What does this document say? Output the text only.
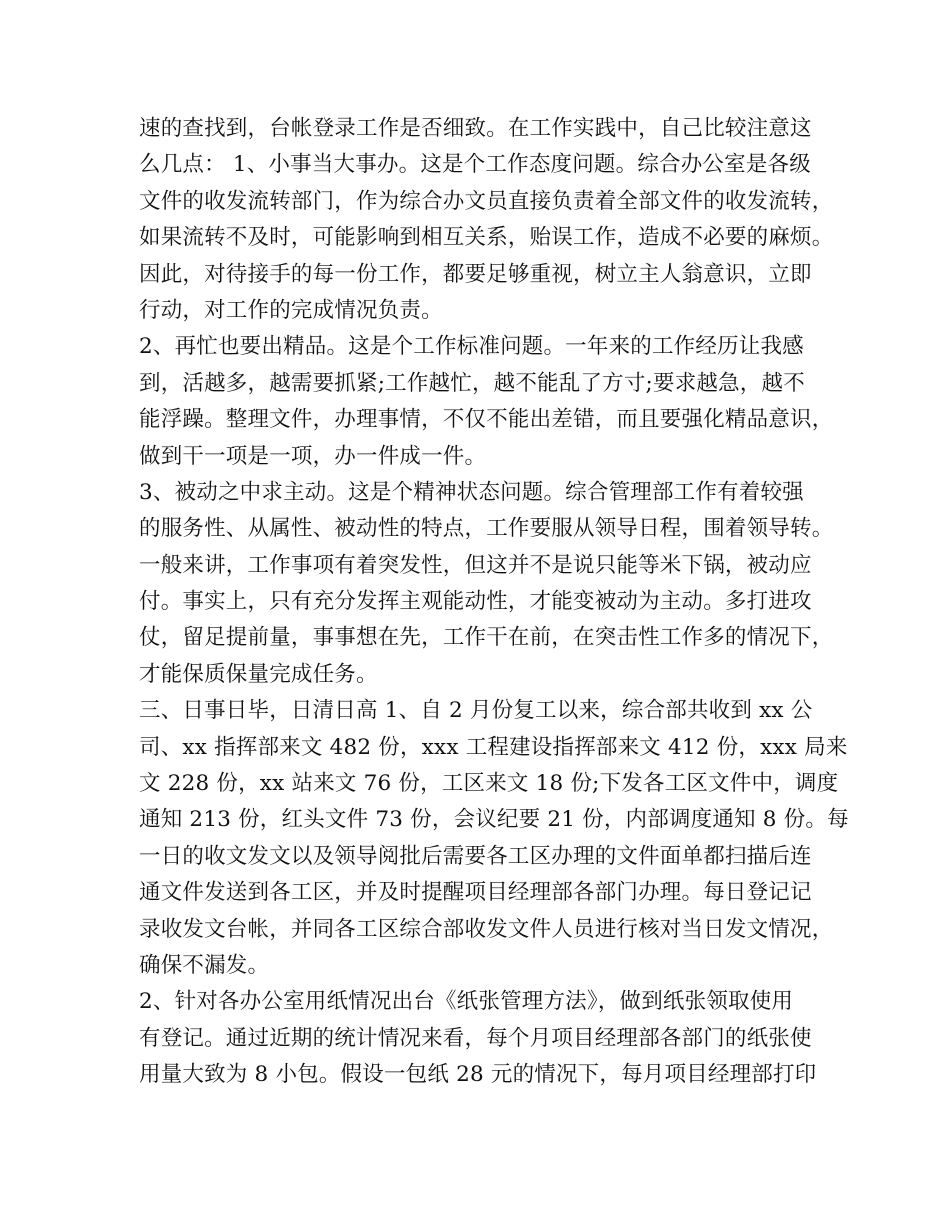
速的查找到，台帐登录工作是否细致。在工作实践中，自己比较注意这
么几点： 1、小事当大事办。这是个工作态度问题。综合办公室是各级
文件的收发流转部门，作为综合办文员直接负责着全部文件的收发流转，
如果流转不及时，可能影响到相互关系，贻误工作，造成不必要的麻烦。
因此，对待接手的每一份工作，都要足够重视，树立主人翁意识，立即
行动，对工作的完成情况负责。
2、再忙也要出精品。这是个工作标准问题。一年来的工作经历让我感
到，活越多，越需要抓紧;工作越忙，越不能乱了方寸;要求越急，越不
能浮躁。整理文件，办理事情，不仅不能出差错，而且要强化精品意识，
做到干一项是一项，办一件成一件。
3、被动之中求主动。这是个精神状态问题。综合管理部工作有着较强
的服务性、从属性、被动性的特点，工作要服从领导日程，围着领导转。
一般来讲，工作事项有着突发性，但这并不是说只能等米下锅，被动应
付。事实上，只有充分发挥主观能动性，才能变被动为主动。多打进攻
仗，留足提前量，事事想在先，工作干在前，在突击性工作多的情况下，
才能保质保量完成任务。
三、日事日毕，日清日高 1、自 2 月份复工以来，综合部共收到 xx 公
司、xx 指挥部来文 482 份，xxx 工程建设指挥部来文 412 份，xxx 局来
文 228 份，xx 站来文 76 份，工区来文 18 份;下发各工区文件中，调度
通知 213 份，红头文件 73 份，会议纪要 21 份，内部调度通知 8 份。每
一日的收文发文以及领导阅批后需要各工区办理的文件面单都扫描后连
通文件发送到各工区，并及时提醒项目经理部各部门办理。每日登记记
录收发文台帐，并同各工区综合部收发文件人员进行核对当日发文情况，
确保不漏发。
2、针对各办公室用纸情况出台《纸张管理方法》，做到纸张领取使用
有登记。通过近期的统计情况来看，每个月项目经理部各部门的纸张使
用量大致为 8 小包。假设一包纸 28 元的情况下，每月项目经理部打印
